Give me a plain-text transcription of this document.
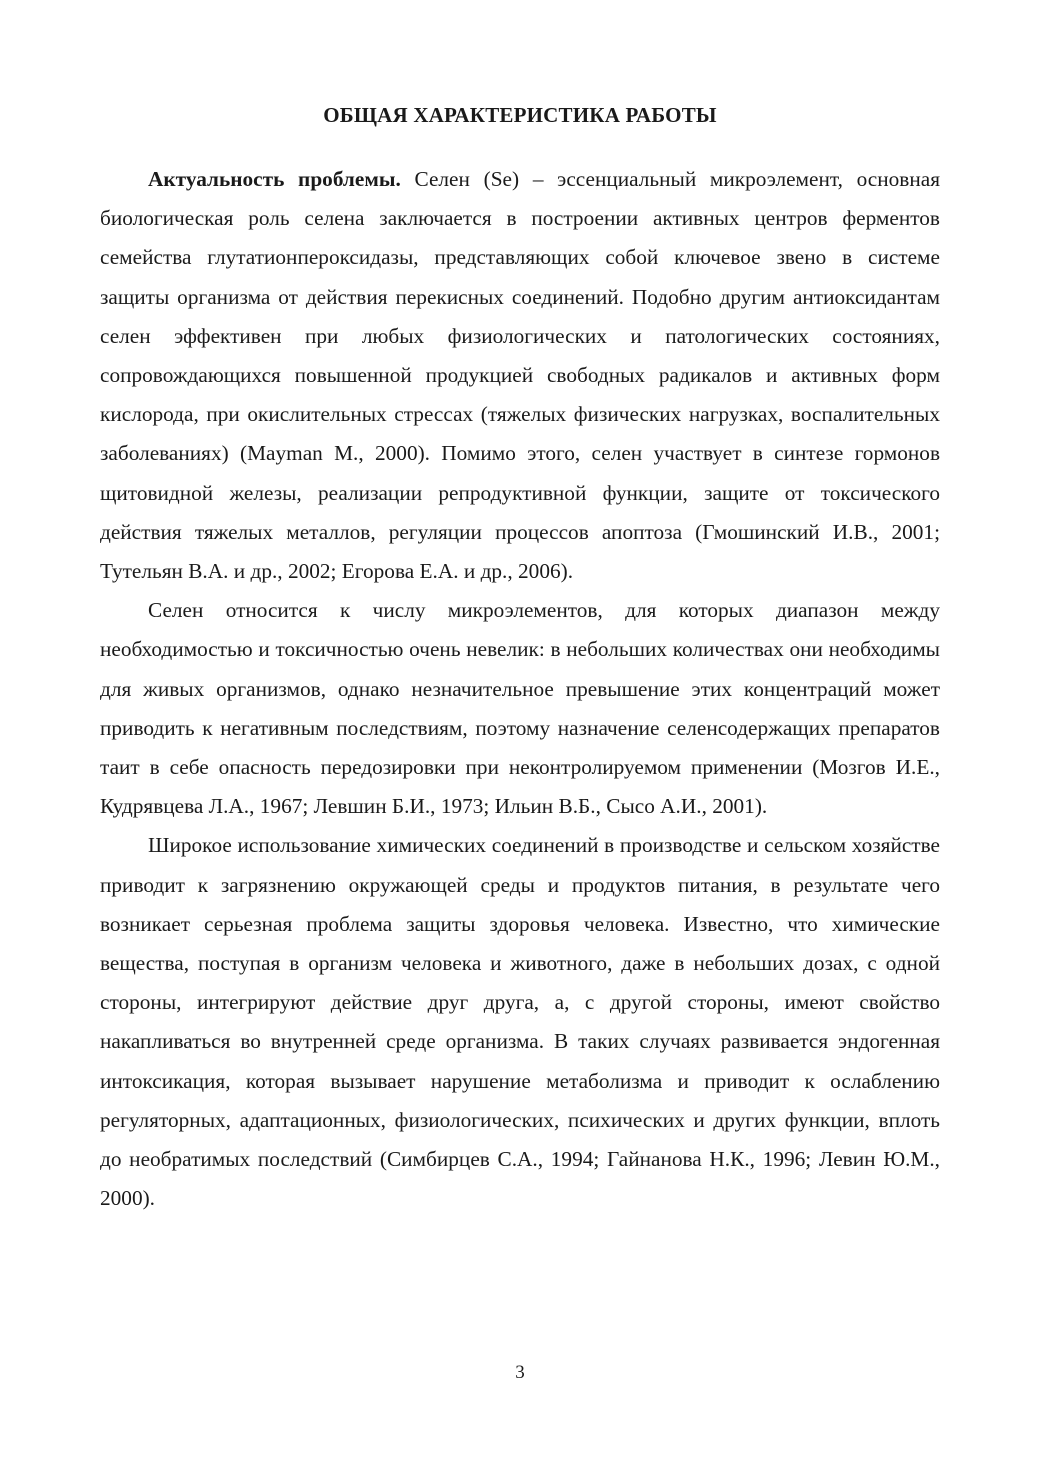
ОБЩАЯ ХАРАКТЕРИСТИКА РАБОТЫ

Актуальность проблемы. Селен (Se) – эссенциальный микроэлемент, основная биологическая роль селена заключается в построении активных центров ферментов семейства глутатионпероксидазы, представляющих собой ключевое звено в системе защиты организма от действия перекисных соединений. Подобно другим антиоксидантам селен эффективен при любых физиологических и патологических состояниях, сопровождающихся повышенной продукцией свободных радикалов и активных форм кислорода, при окислительных стрессах (тяжелых физических нагрузках, воспалительных заболеваниях) (Mayman M., 2000). Помимо этого, селен участвует в синтезе гормонов щитовидной железы, реализации репродуктивной функции, защите от токсического действия тяжелых металлов, регуляции процессов апоптоза (Гмошинский И.В., 2001; Тутельян В.А. и др., 2002; Егорова Е.А. и др., 2006).

Селен относится к числу микроэлементов, для которых диапазон между необходимостью и токсичностью очень невелик: в небольших количествах они необходимы для живых организмов, однако незначительное превышение этих концентраций может приводить к негативным последствиям, поэтому назначение селенсодержащих препаратов таит в себе опасность передозировки при неконтролируемом применении (Мозгов И.Е., Кудрявцева Л.А., 1967; Левшин Б.И., 1973; Ильин В.Б., Сысо А.И., 2001).

Широкое использование химических соединений в производстве и сельском хозяйстве приводит к загрязнению окружающей среды и продуктов питания, в результате чего возникает серьезная проблема защиты здоровья человека. Известно, что химические вещества, поступая в организм человека и животного, даже в небольших дозах, с одной стороны, интегрируют действие друг друга, а, с другой стороны, имеют свойство накапливаться во внутренней среде организма. В таких случаях развивается эндогенная интоксикация, которая вызывает нарушение метаболизма и приводит к ослаблению регуляторных, адаптационных, физиологических, психических и других функции, вплоть до необратимых последствий (Симбирцев С.А., 1994; Гайнанова Н.К., 1996; Левин Ю.М., 2000).

3
